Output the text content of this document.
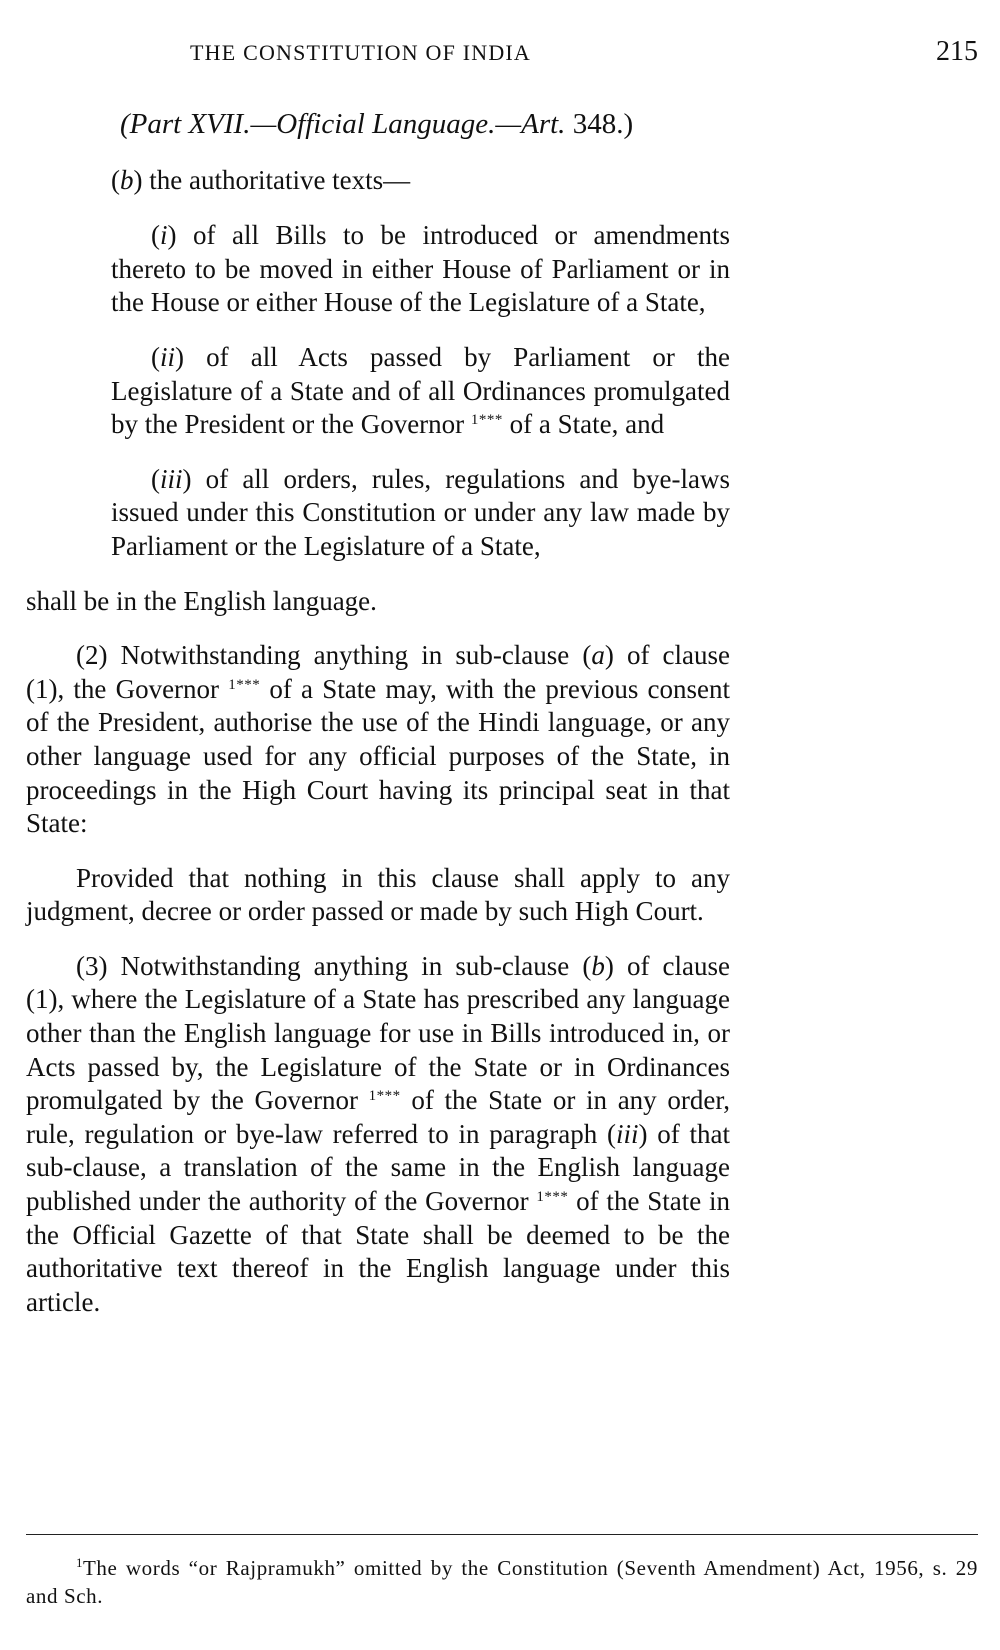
THE CONSTITUTION OF INDIA	215
(Part XVII.—Official Language.—Art. 348.)

(b) the authoritative texts—

(i) of all Bills to be introduced or amendments thereto to be moved in either House of Parliament or in the House or either House of the Legislature of a State,

(ii) of all Acts passed by Parliament or the Legislature of a State and of all Ordinances promulgated by the President or the Governor $^{1***}$ of a State, and

(iii) of all orders, rules, regulations and bye-laws issued under this Constitution or under any law made by Parliament or the Legislature of a State,

shall be in the English language.

(2) Notwithstanding anything in sub-clause (a) of clause (1), the Governor $^{1***}$ of a State may, with the previous consent of the President, authorise the use of the Hindi language, or any other language used for any official purposes of the State, in proceedings in the High Court having its principal seat in that State:

Provided that nothing in this clause shall apply to any judgment, decree or order passed or made by such High Court.

(3) Notwithstanding anything in sub-clause (b) of clause (1), where the Legislature of a State has prescribed any language other than the English language for use in Bills introduced in, or Acts passed by, the Legislature of the State or in Ordinances promulgated by the Governor $^{1***}$ of the State or in any order, rule, regulation or bye-law referred to in paragraph (iii) of that sub-clause, a translation of the same in the English language published under the authority of the Governor $^{1***}$ of the State in the Official Gazette of that State shall be deemed to be the authoritative text thereof in the English language under this article.

$^1$The words “or Rajpramukh” omitted by the Constitution (Seventh Amendment) Act, 1956, s. 29 and Sch.
